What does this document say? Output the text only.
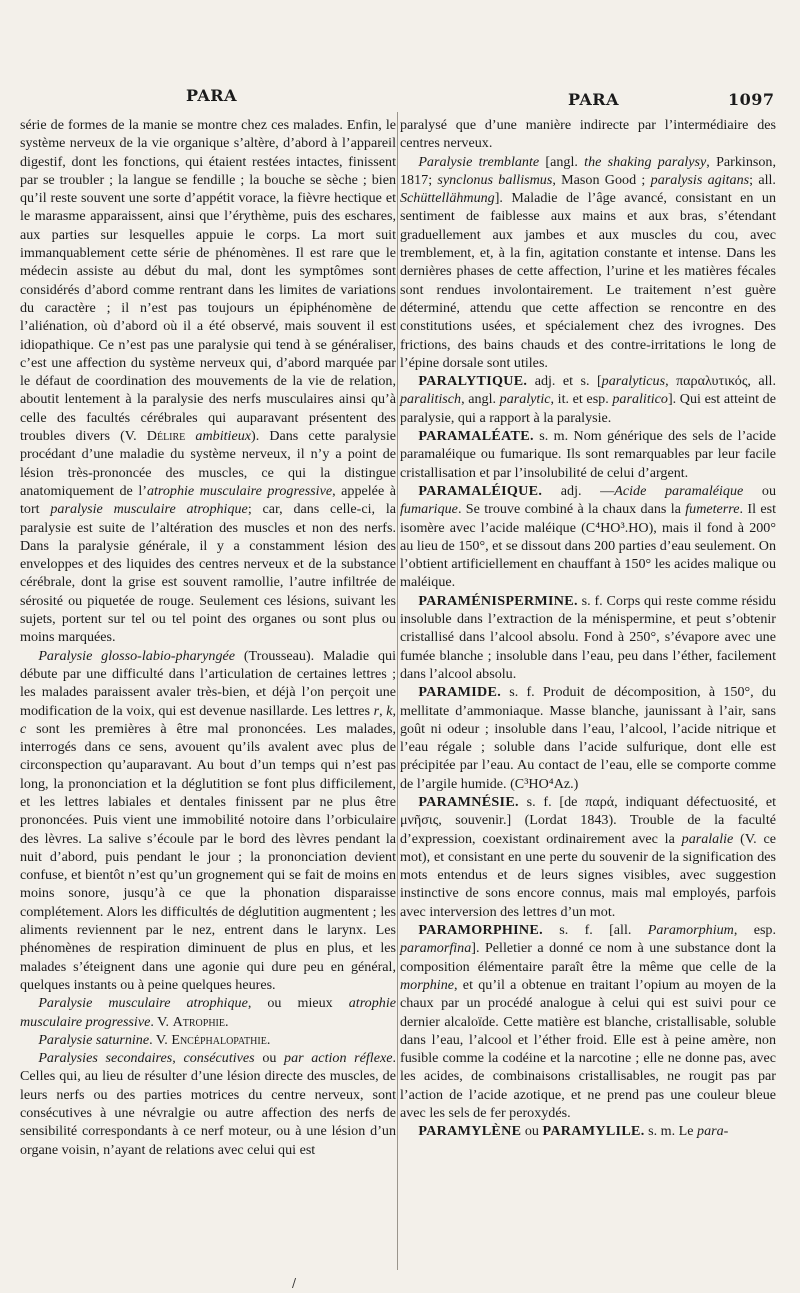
PARA	PARA	1097

série de formes de la manie se montre chez ces malades. Enfin, le système nerveux de la vie organique s’altère, d’abord à l’appareil digestif, dont les fonctions, qui étaient restées intactes, finissent par se troubler ; la langue se fendille ; la bouche se sèche ; bien qu’il reste souvent une sorte d’appétit vorace, la fièvre hectique et le marasme apparaissent, ainsi que l’érythème, puis des eschares, aux parties sur lesquelles appuie le corps. La mort suit immanquablement cette série de phénomènes. Il est rare que le médecin assiste au début du mal, dont les symptômes sont considérés d’abord comme rentrant dans les limites de variations du caractère ; il n’est pas toujours un épiphénomène de l’aliénation, où d’abord où il a été observé, mais souvent il est idiopathique. Ce n’est pas une paralysie qui tend à se généraliser, c’est une affection du système nerveux qui, d’abord marquée par le défaut de coordination des mouvements de la vie de relation, aboutit lentement à la paralysie des nerfs musculaires ainsi qu’à celle des facultés cérébrales qui auparavant présentent des troubles divers (V. Délire ambitieux). Dans cette paralysie procédant d’une maladie du système nerveux, il n’y a point de lésion très-prononcée des muscles, ce qui la distingue anatomiquement de l’atrophie musculaire progressive, appelée à tort paralysie musculaire atrophique; car, dans celle-ci, la paralysie est suite de l’altération des muscles et non des nerfs. Dans la paralysie générale, il y a constamment lésion des enveloppes et des liquides des centres nerveux et de la substance cérébrale, dont la grise est souvent ramollie, l’autre infiltrée de sérosité ou piquetée de rouge. Seulement ces lésions, suivant les sujets, portent sur tel ou tel point des organes ou sont plus ou moins marquées.

Paralysie glosso-labio-pharyngée (Trousseau). Maladie qui débute par une difficulté dans l’articulation de certaines lettres ; les malades paraissent avaler très-bien, et déjà l’on perçoit une modification de la voix, qui est devenue nasillarde. Les lettres r, k, c sont les premières à être mal prononcées. Les malades, interrogés dans ce sens, avouent qu’ils avalent avec plus de circonspection qu’auparavant. Au bout d’un temps qui n’est pas long, la prononciation et la déglutition se font plus difficilement, et les lettres labiales et dentales finissent par ne plus être prononcées. Puis vient une immobilité notoire dans l’orbiculaire des lèvres. La salive s’écoule par le bord des lèvres pendant la nuit d’abord, puis pendant le jour ; la prononciation devient confuse, et bientôt n’est qu’un grognement qui se fait de moins en moins sonore, jusqu’à ce que la phonation disparaisse complétement. Alors les difficultés de déglutition augmentent ; les aliments reviennent par le nez, entrent dans le larynx. Les phénomènes de respiration diminuent de plus en plus, et les malades s’éteignent dans une agonie qui dure peu en général, quelques instants ou à peine quelques heures.

Paralysie musculaire atrophique, ou mieux atrophie musculaire progressive. V. Atrophie.

Paralysie saturnine. V. Encéphalopathie.

Paralysies secondaires, consécutives ou par action réflexe. Celles qui, au lieu de résulter d’une lésion directe des muscles, de leurs nerfs ou des parties motrices du centre nerveux, sont consécutives à une névralgie ou autre affection des nerfs de sensibilité correspondants à ce nerf moteur, ou à une lésion d’un organe voisin, n’ayant de relations avec celui qui est

paralysé que d’une manière indirecte par l’intermédiaire des centres nerveux.

Paralysie tremblante [angl. the shaking paralysy, Parkinson, 1817; synclonus ballismus, Mason Good ; paralysis agitans; all. Schüttellähmung]. Maladie de l’âge avancé, consistant en un sentiment de faiblesse aux mains et aux bras, s’étendant graduellement aux jambes et aux muscles du cou, avec tremblement, et, à la fin, agitation constante et intense. Dans les dernières phases de cette affection, l’urine et les matières fécales sont rendues involontairement. Le traitement n’est guère déterminé, attendu que cette affection se rencontre en des constitutions usées, et spécialement chez des ivrognes. Des frictions, des bains chauds et des contre-irritations le long de l’épine dorsale sont utiles.

PARALYTIQUE. adj. et s. [paralyticus, παραλυτικός, all. paralitisch, angl. paralytic, it. et esp. paralitico]. Qui est atteint de paralysie, qui a rapport à la paralysie.

PARAMALÉATE. s. m. Nom générique des sels de l’acide paramaléique ou fumarique. Ils sont remarquables par leur facile cristallisation et par l’insolubilité de celui d’argent.

PARAMALÉIQUE. adj. —Acide paramaléique ou fumarique. Se trouve combiné à la chaux dans la fumeterre. Il est isomère avec l’acide maléique (C⁴HO³.HO), mais il fond à 200° au lieu de 150°, et se dissout dans 200 parties d’eau seulement. On l’obtient artificiellement en chauffant à 150° les acides malique ou maléique.

PARAMÉNISPERMINE. s. f. Corps qui reste comme résidu insoluble dans l’extraction de la ménispermine, et peut s’obtenir cristallisé dans l’alcool absolu. Fond à 250°, s’évapore avec une fumée blanche ; insoluble dans l’eau, peu dans l’éther, facilement dans l’alcool absolu.

PARAMIDE. s. f. Produit de décomposition, à 150°, du mellitate d’ammoniaque. Masse blanche, jaunissant à l’air, sans goût ni odeur ; insoluble dans l’eau, l’alcool, l’acide nitrique et l’eau régale ; soluble dans l’acide sulfurique, dont elle est précipitée par l’eau. Au contact de l’eau, elle se comporte comme de l’argile humide. (C³HO⁴Az.)

PARAMNÉSIE. s. f. [de παρά, indiquant défectuosité, et μνῆσις, souvenir.] (Lordat 1843). Trouble de la faculté d’expression, coexistant ordinairement avec la paralalie (V. ce mot), et consistant en une perte du souvenir de la signification des mots entendus et de leurs signes visibles, avec suggestion instinctive de sons encore connus, mais mal employés, parfois avec interversion des lettres d’un mot.

PARAMORPHINE. s. f. [all. Paramorphium, esp. paramorfina]. Pelletier a donné ce nom à une substance dont la composition élémentaire paraît être la même que celle de la morphine, et qu’il a obtenue en traitant l’opium au moyen de la chaux par un procédé analogue à celui qui est suivi pour ce dernier alcaloïde. Cette matière est blanche, cristallisable, soluble dans l’eau, l’alcool et l’éther froid. Elle est à peine amère, non fusible comme la codéine et la narcotine ; elle ne donne pas, avec les acides, de combinaisons cristallisables, ne rougit pas par l’action de l’acide azotique, et ne prend pas une couleur bleue avec les sels de fer peroxydés.

PARAMYLÈNE ou PARAMYLILE. s. m. Le para-

/
